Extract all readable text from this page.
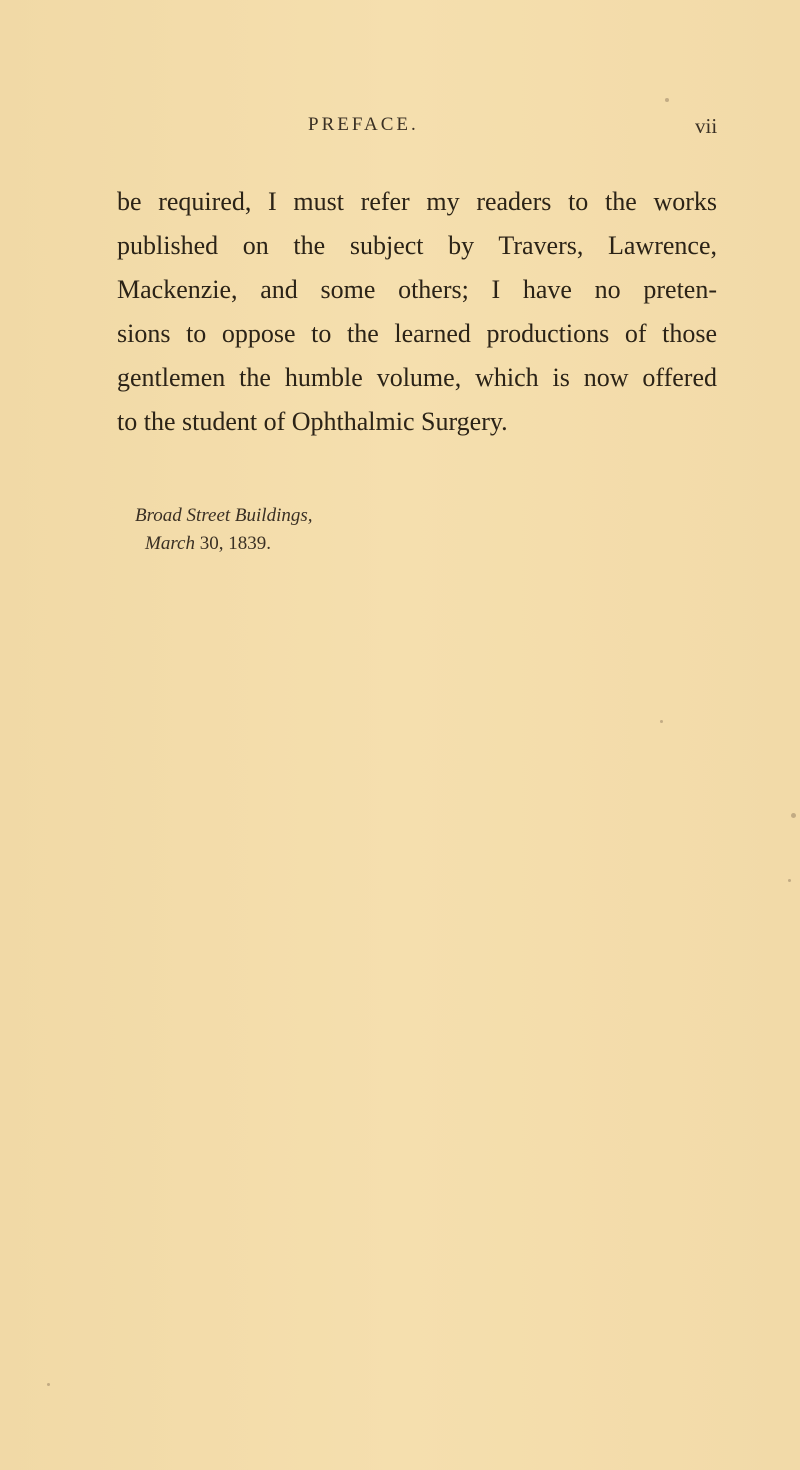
PREFACE.	vii
be required, I must refer my readers to the works
published on the subject by Travers, Lawrence,
Mackenzie, and some others; I have no preten-
sions to oppose to the learned productions of those
gentlemen the humble volume, which is now offered
to the student of Ophthalmic Surgery.
Broad Street Buildings,
March 30, 1839.
